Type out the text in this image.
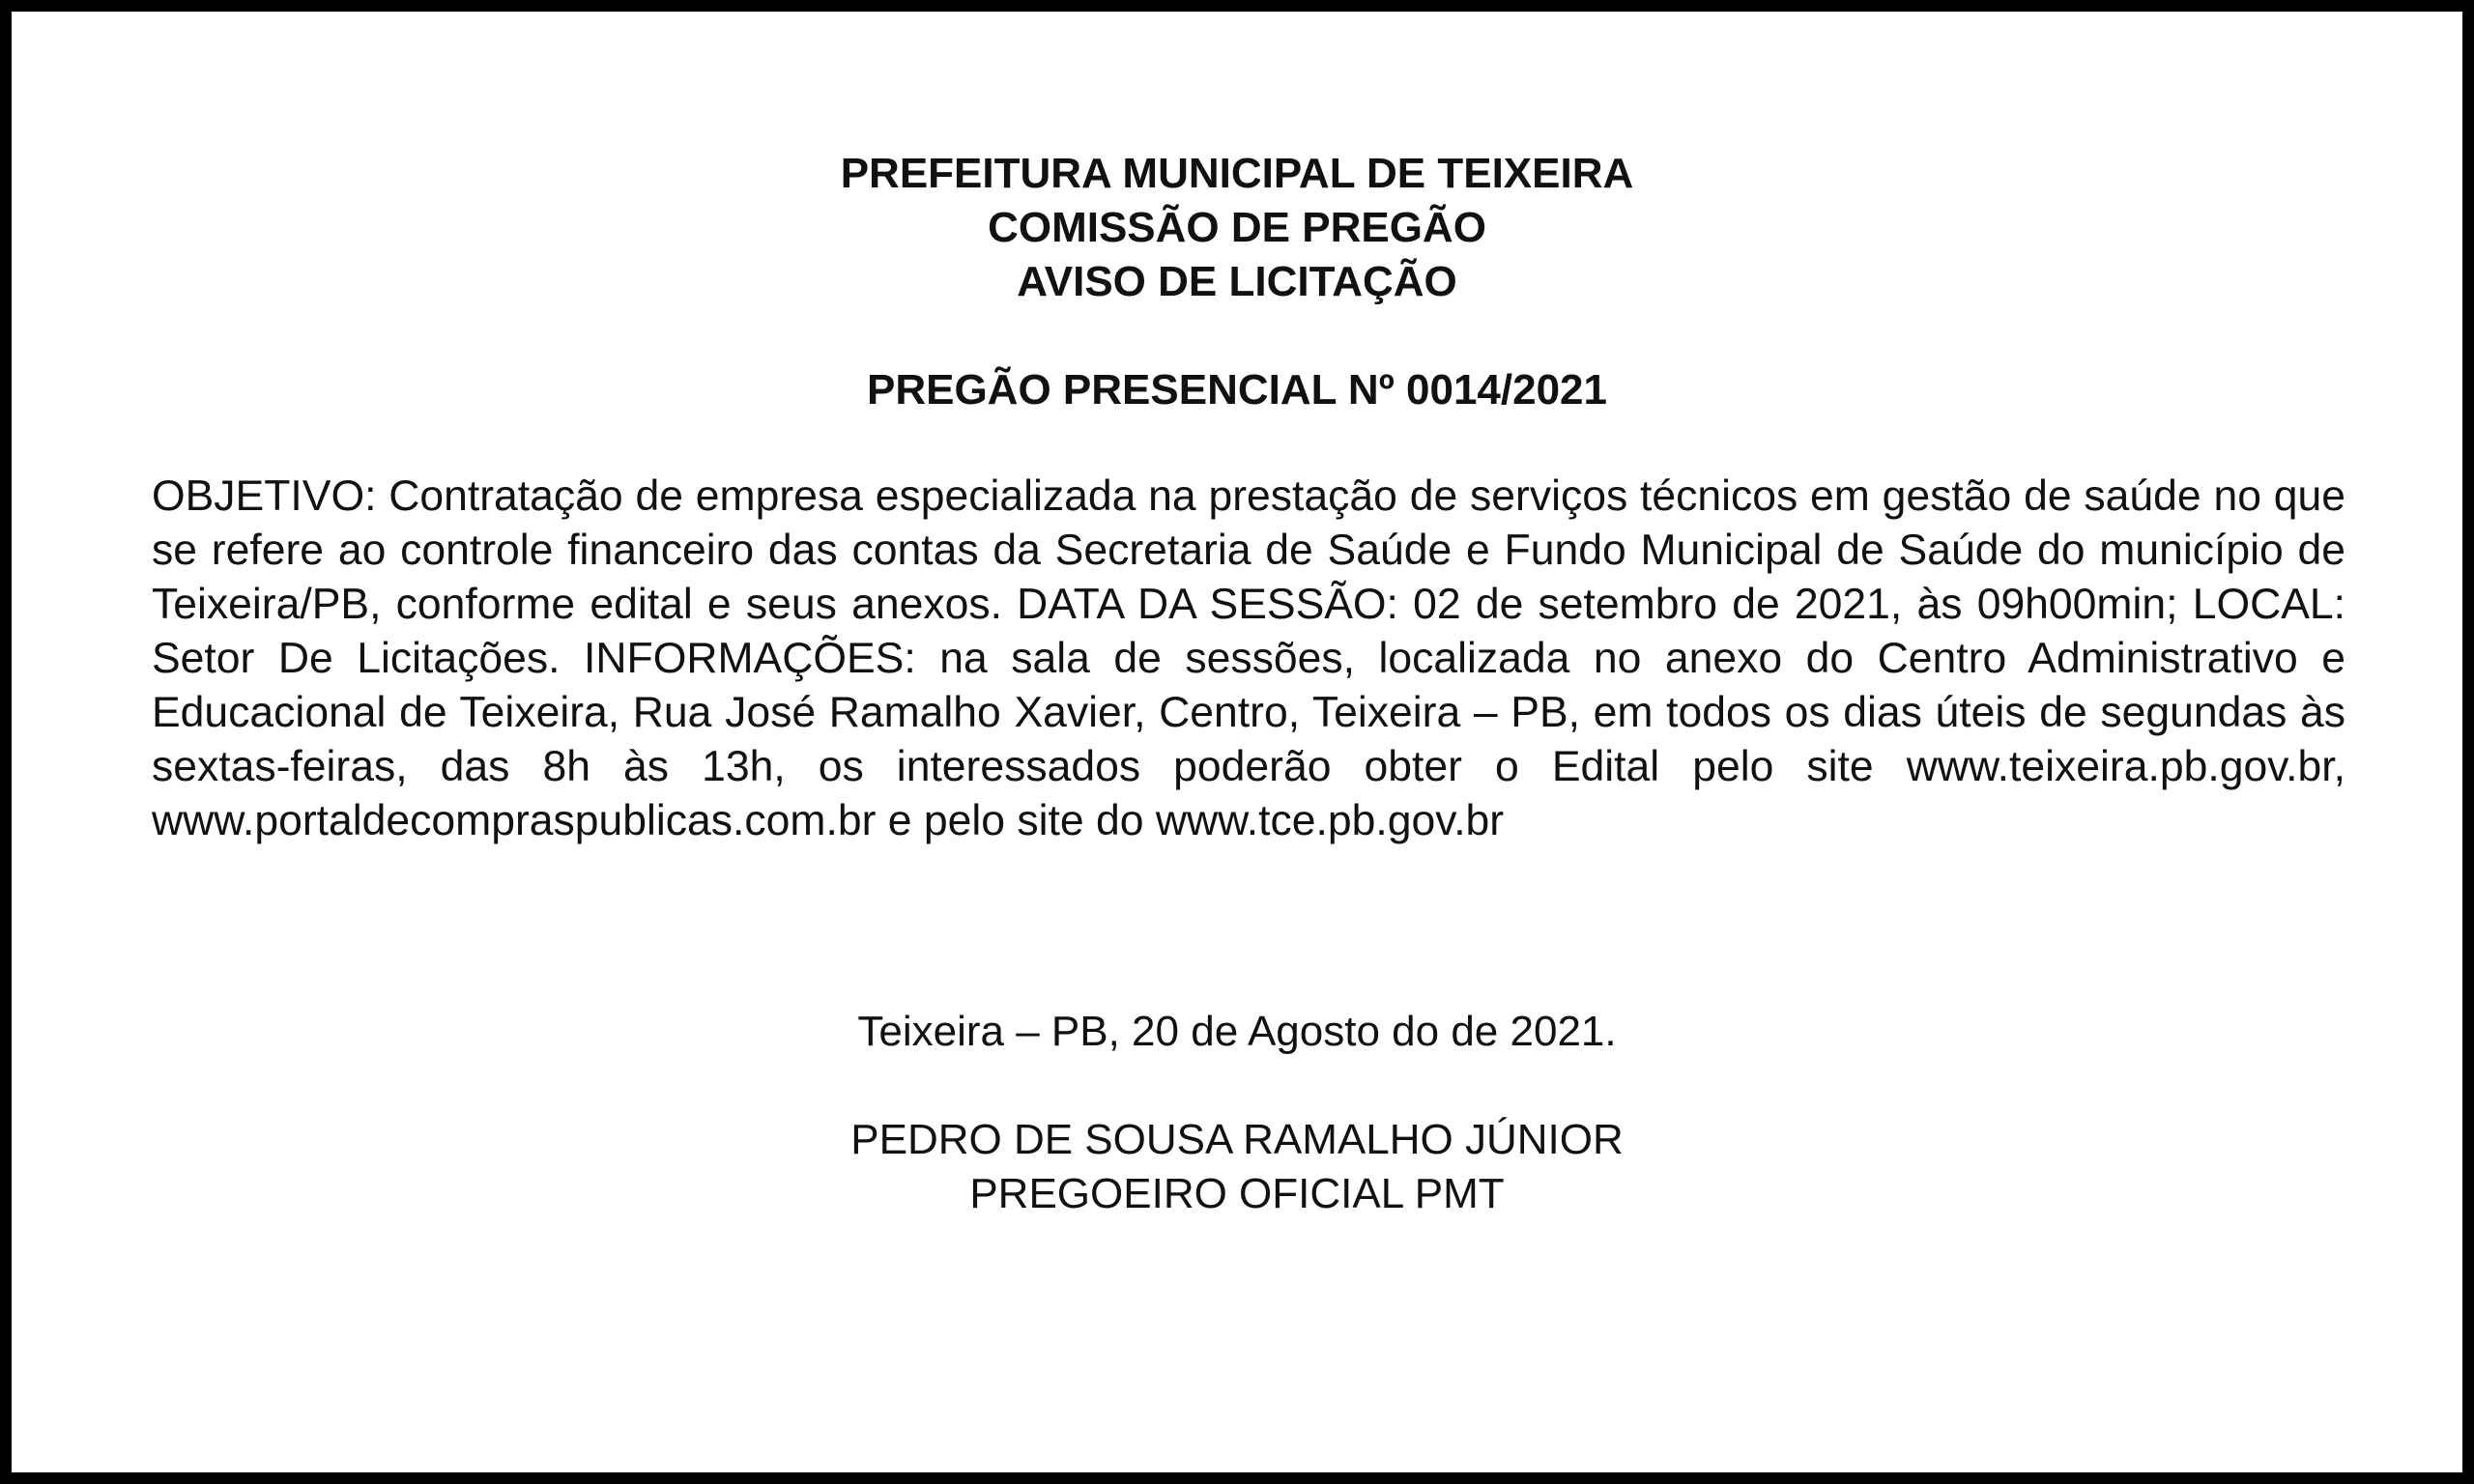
PREFEITURA MUNICIPAL DE TEIXEIRA

COMISSÃO DE PREGÃO

AVISO DE LICITAÇÃO

PREGÃO PRESENCIAL Nº 0014/2021

OBJETIVO: Contratação de empresa especializada na prestação de serviços técnicos em gestão de saúde no que se refere ao controle financeiro das contas da Secretaria de Saúde e Fundo Municipal de Saúde do município de Teixeira/PB, conforme edital e seus anexos. DATA DA SESSÃO: 02 de setembro de 2021, às 09h00min; LOCAL: Setor De Licitações. INFORMAÇÕES: na sala de sessões, localizada no anexo do Centro Administrativo e Educacional de Teixeira, Rua José Ramalho Xavier, Centro, Teixeira – PB, em todos os dias úteis de segundas às sextas-feiras, das 8h às 13h, os interessados poderão obter o Edital pelo site www.teixeira.pb.gov.br, www.portaldecompraspublicas.com.br e pelo site do www.tce.pb.gov.br

Teixeira – PB, 20 de Agosto do de 2021.

PEDRO DE SOUSA RAMALHO JÚNIOR

PREGOEIRO OFICIAL PMT
